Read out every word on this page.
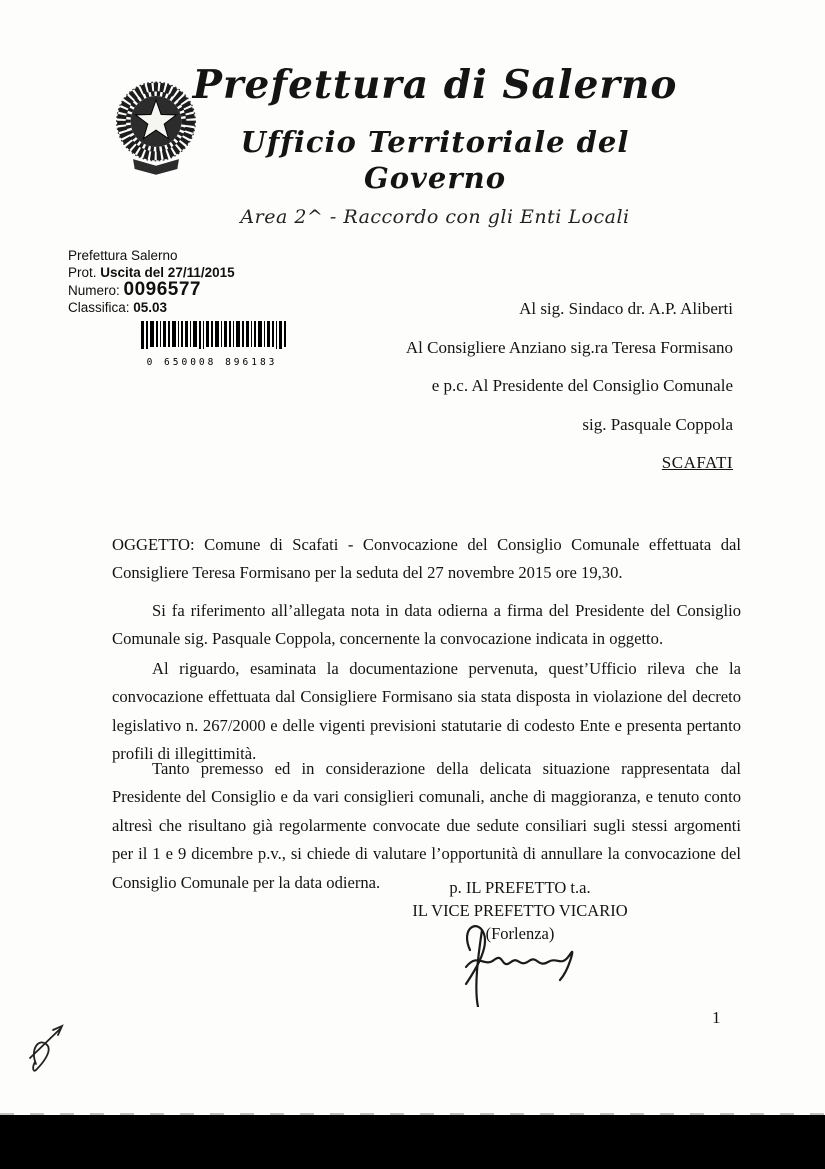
Prefettura di Salerno
Ufficio Territoriale del Governo
Area 2^ - Raccordo con gli Enti Locali
Prefettura Salerno
Prot. Uscita del 27/11/2015
Numero: 0096577
Classifica: 05.03
0 650008 896183
Al sig. Sindaco dr. A.P. Aliberti
Al Consigliere Anziano sig.ra Teresa Formisano
e p.c. Al Presidente del Consiglio Comunale
sig. Pasquale Coppola
SCAFATI

OGGETTO: Comune di Scafati - Convocazione del Consiglio Comunale effettuata dal Consigliere Teresa Formisano per la seduta del 27 novembre 2015 ore 19,30.

Si fa riferimento all’allegata nota in data odierna a firma del Presidente del Consiglio Comunale sig. Pasquale Coppola, concernente la convocazione indicata in oggetto.

Al riguardo, esaminata la documentazione pervenuta, quest’Ufficio rileva che la convocazione effettuata dal Consigliere Formisano sia stata disposta in violazione del decreto legislativo n. 267/2000 e delle vigenti previsioni statutarie di codesto Ente e presenta pertanto profili di illegittimità.

Tanto premesso ed in considerazione della delicata situazione rappresentata dal Presidente del Consiglio e da vari consiglieri comunali, anche di maggioranza, e tenuto conto altresì che risultano già regolarmente convocate due sedute consiliari sugli stessi argomenti per il 1 e 9 dicembre p.v., si chiede di valutare l’opportunità di annullare la convocazione del Consiglio Comunale per la data odierna.	p. IL PREFETTO t.a.
IL VICE PREFETTO VICARIO
(Forlenza)
1
